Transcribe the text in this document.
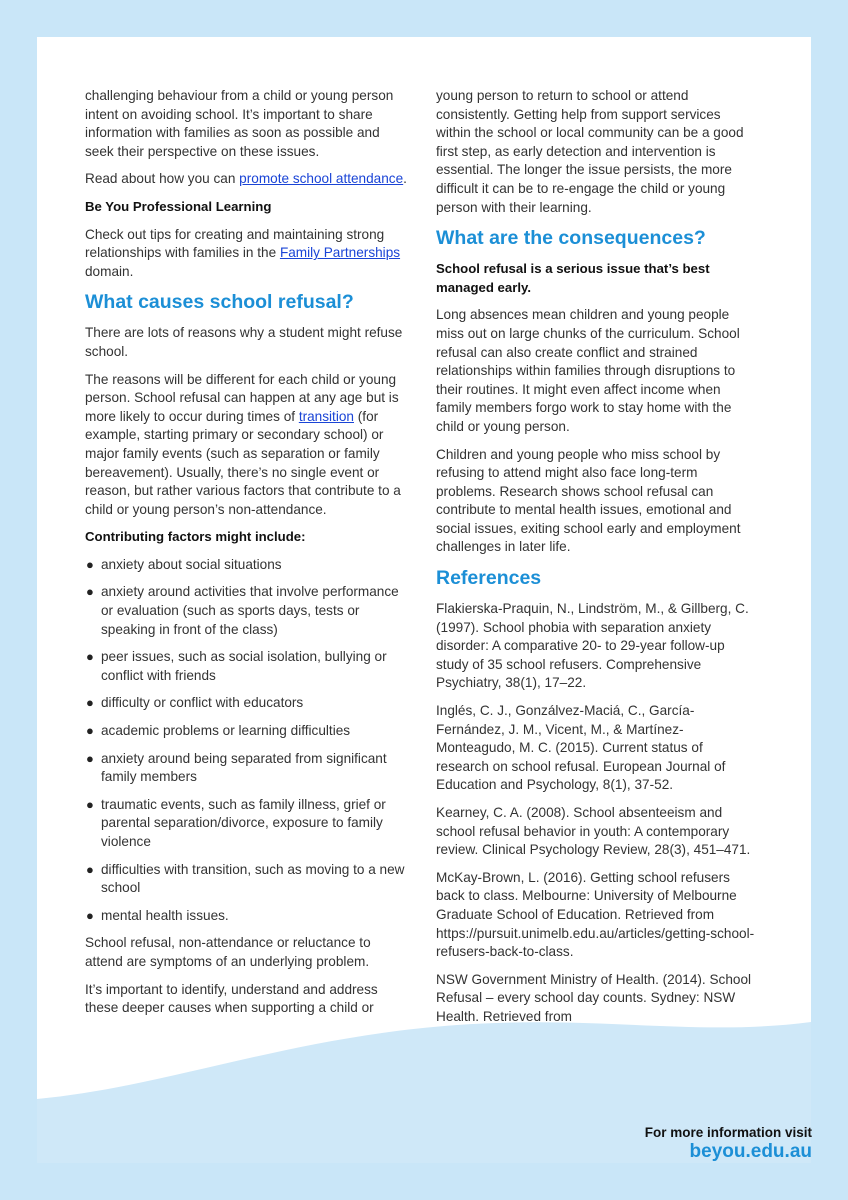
challenging behaviour from a child or young person intent on avoiding school. It’s important to share information with families as soon as possible and seek their perspective on these issues.

Read about how you can promote school attendance.

Be You Professional Learning

Check out tips for creating and maintaining strong relationships with families in the Family Partnerships domain.

What causes school refusal?

There are lots of reasons why a student might refuse school.

The reasons will be different for each child or young person. School refusal can happen at any age but is more likely to occur during times of transition (for example, starting primary or secondary school) or major family events (such as separation or family bereavement). Usually, there’s no single event or reason, but rather various factors that contribute to a child or young person’s non-attendance.

Contributing factors might include:
● anxiety about social situations
● anxiety around activities that involve performance or evaluation (such as sports days, tests or speaking in front of the class)
● peer issues, such as social isolation, bullying or conflict with friends
● difficulty or conflict with educators
● academic problems or learning difficulties
● anxiety around being separated from significant family members
● traumatic events, such as family illness, grief or parental separation/divorce, exposure to family violence
● difficulties with transition, such as moving to a new school
● mental health issues.

School refusal, non-attendance or reluctance to attend are symptoms of an underlying problem.

It’s important to identify, understand and address these deeper causes when supporting a child or

young person to return to school or attend consistently. Getting help from support services within the school or local community can be a good first step, as early detection and intervention is essential. The longer the issue persists, the more difficult it can be to re-engage the child or young person with their learning.

What are the consequences?
School refusal is a serious issue that’s best managed early.

Long absences mean children and young people miss out on large chunks of the curriculum. School refusal can also create conflict and strained relationships within families through disruptions to their routines. It might even affect income when family members forgo work to stay home with the child or young person.

Children and young people who miss school by refusing to attend might also face long-term problems. Research shows school refusal can contribute to mental health issues, emotional and social issues, exiting school early and employment challenges in later life.

References

Flakierska-Praquin, N., Lindström, M., & Gillberg, C. (1997). School phobia with separation anxiety disorder: A comparative 20- to 29-year follow-up study of 35 school refusers. Comprehensive Psychiatry, 38(1), 17–22.

Inglés, C. J., Gonzálvez-Maciá, C., García-Fernández, J. M., Vicent, M., & Martínez-Monteagudo, M. C. (2015). Current status of research on school refusal. European Journal of Education and Psychology, 8(1), 37-52.

Kearney, C. A. (2008). School absenteeism and school refusal behavior in youth: A contemporary review. Clinical Psychology Review, 28(3), 451–471.

McKay-Brown, L. (2016). Getting school refusers back to class. Melbourne: University of Melbourne Graduate School of Education. Retrieved from https://pursuit.unimelb.edu.au/articles/getting-school-refusers-back-to-class.

NSW Government Ministry of Health. (2014). School Refusal – every school day counts. Sydney: NSW Health. Retrieved from

For more information visit
beyou.edu.au
